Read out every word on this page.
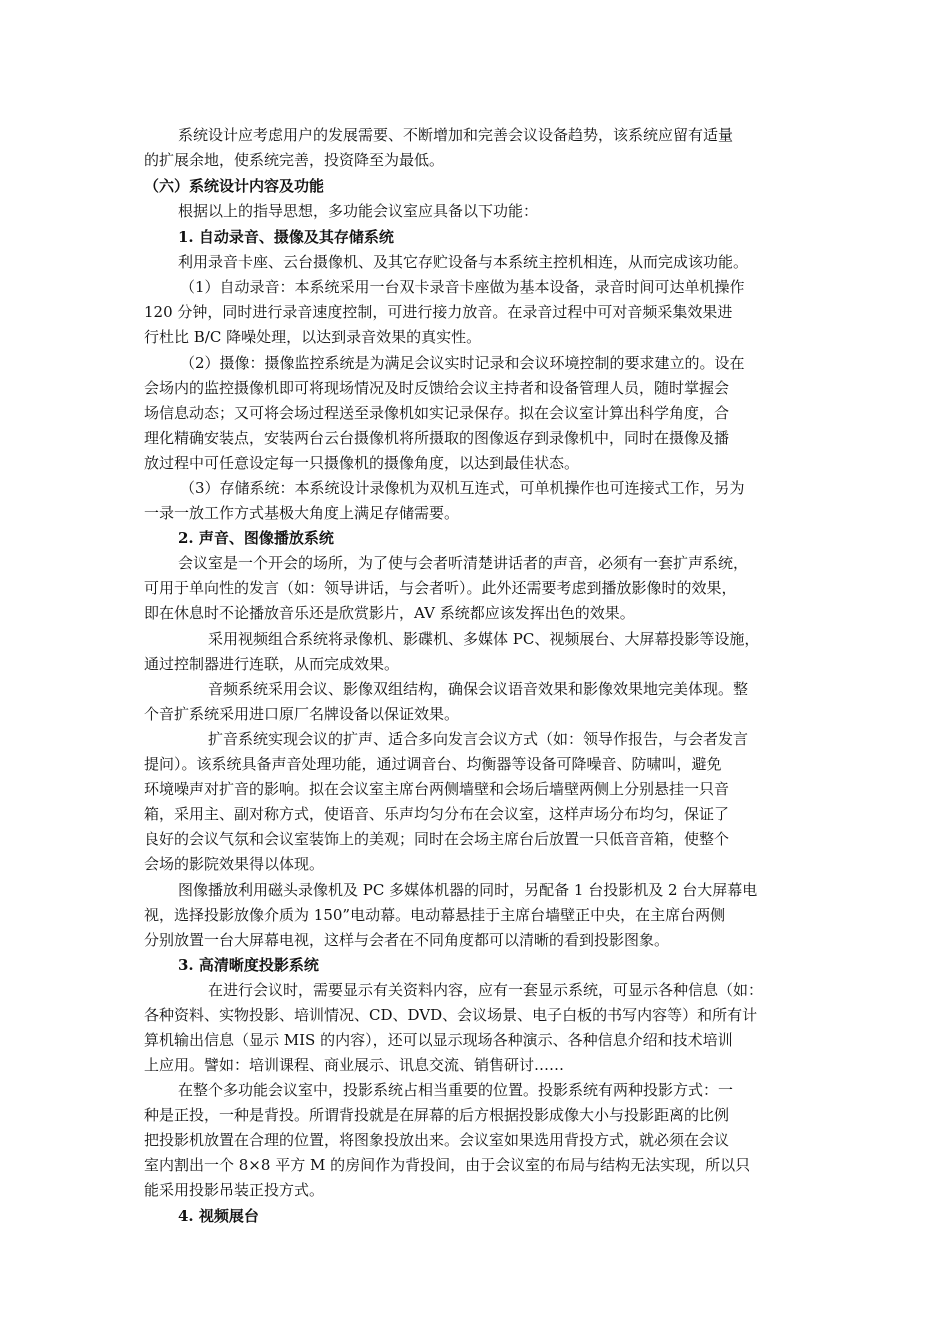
系统设计应考虑用户的发展需要、不断增加和完善会议设备趋势，该系统应留有适量
的扩展余地，使系统完善，投资降至为最低。
（六）系统设计内容及功能
根据以上的指导思想，多功能会议室应具备以下功能：
1. 自动录音、摄像及其存储系统
利用录音卡座、云台摄像机、及其它存贮设备与本系统主控机相连，从而完成该功能。
（1）自动录音：本系统采用一台双卡录音卡座做为基本设备，录音时间可达单机操作
120 分钟，同时进行录音速度控制，可进行接力放音。在录音过程中可对音频采集效果进
行杜比 B/C 降噪处理，以达到录音效果的真实性。
（2）摄像：摄像监控系统是为满足会议实时记录和会议环境控制的要求建立的。设在
会场内的监控摄像机即可将现场情况及时反馈给会议主持者和设备管理人员，随时掌握会
场信息动态；又可将会场过程送至录像机如实记录保存。拟在会议室计算出科学角度，合
理化精确安装点，安装两台云台摄像机将所摄取的图像返存到录像机中，同时在摄像及播
放过程中可任意设定每一只摄像机的摄像角度，以达到最佳状态。
（3）存储系统：本系统设计录像机为双机互连式，可单机操作也可连接式工作，另为
一录一放工作方式基极大角度上满足存储需要。
2. 声音、图像播放系统
会议室是一个开会的场所，为了使与会者听清楚讲话者的声音，必须有一套扩声系统，
可用于单向性的发言（如：领导讲话，与会者听）。此外还需要考虑到播放影像时的效果，
即在休息时不论播放音乐还是欣赏影片，AV 系统都应该发挥出色的效果。
采用视频组合系统将录像机、影碟机、多媒体 PC、视频展台、大屏幕投影等设施，
通过控制器进行连联，从而完成效果。
音频系统采用会议、影像双组结构，确保会议语音效果和影像效果地完美体现。整
个音扩系统采用进口原厂名牌设备以保证效果。
扩音系统实现会议的扩声、适合多向发言会议方式（如：领导作报告，与会者发言
提问）。该系统具备声音处理功能，通过调音台、均衡器等设备可降噪音、防啸叫，避免
环境噪声对扩音的影响。拟在会议室主席台两侧墙壁和会场后墙壁两侧上分别悬挂一只音
箱，采用主、副对称方式，使语音、乐声均匀分布在会议室，这样声场分布均匀，保证了
良好的会议气氛和会议室装饰上的美观；同时在会场主席台后放置一只低音音箱，使整个
会场的影院效果得以体现。
图像播放利用磁头录像机及 PC 多媒体机器的同时，另配备 1 台投影机及 2 台大屏幕电
视，选择投影放像介质为 150”电动幕。电动幕悬挂于主席台墙壁正中央，在主席台两侧
分别放置一台大屏幕电视，这样与会者在不同角度都可以清晰的看到投影图象。
3. 高清晰度投影系统
在进行会议时，需要显示有关资料内容，应有一套显示系统，可显示各种信息（如：
各种资料、实物投影、培训情况、CD、DVD、会议场景、电子白板的书写内容等）和所有计
算机输出信息（显示 MIS 的内容），还可以显示现场各种演示、各种信息介绍和技术培训
上应用。譬如：培训课程、商业展示、讯息交流、销售研讨……
在整个多功能会议室中，投影系统占相当重要的位置。投影系统有两种投影方式：一
种是正投，一种是背投。所谓背投就是在屏幕的后方根据投影成像大小与投影距离的比例
把投影机放置在合理的位置，将图象投放出来。会议室如果选用背投方式，就必须在会议
室内割出一个 8×8 平方 M 的房间作为背投间，由于会议室的布局与结构无法实现，所以只
能采用投影吊装正投方式。
4. 视频展台
